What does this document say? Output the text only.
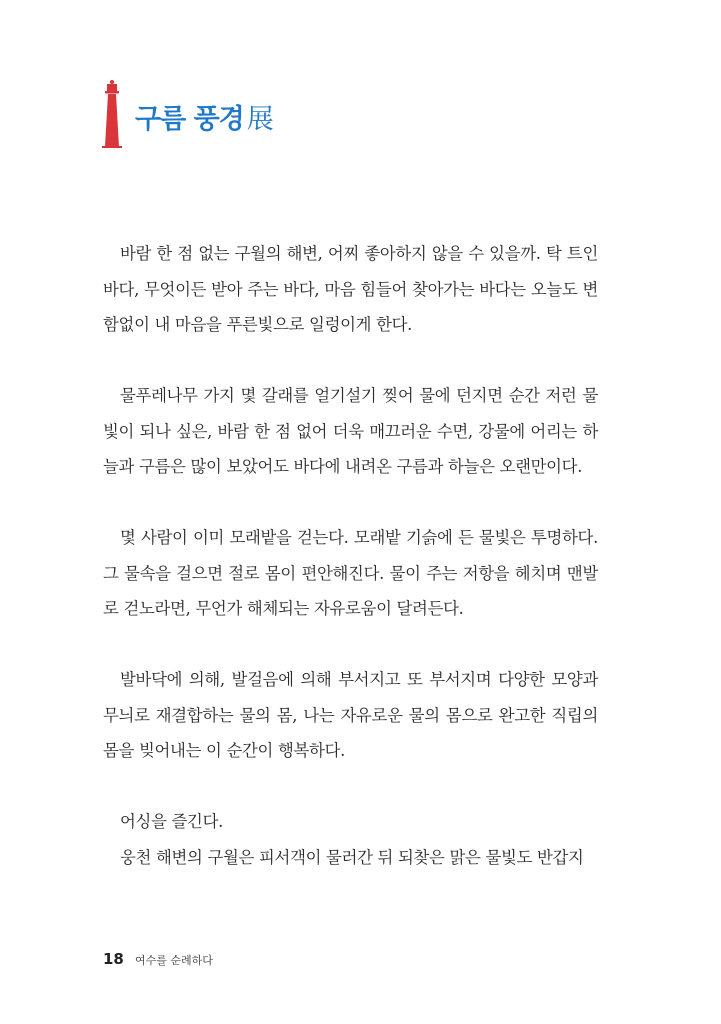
구름 풍경 展

바람 한 점 없는 구월의 해변, 어찌 좋아하지 않을 수 있을까. 탁 트인 바다, 무엇이든 받아 주는 바다, 마음 힘들어 찾아가는 바다는 오늘도 변함없이 내 마음을 푸른빛으로 일렁이게 한다.

물푸레나무 가지 몇 갈래를 얼기설기 찢어 물에 던지면 순간 저런 물빛이 되나 싶은, 바람 한 점 없어 더욱 매끄러운 수면, 강물에 어리는 하늘과 구름은 많이 보았어도 바다에 내려온 구름과 하늘은 오랜만이다.

몇 사람이 이미 모래밭을 걷는다. 모래밭 기슭에 든 물빛은 투명하다. 그 물속을 걸으면 절로 몸이 편안해진다. 물이 주는 저항을 헤치며 맨발로 걷노라면, 무언가 해체되는 자유로움이 달려든다.

발바닥에 의해, 발걸음에 의해 부서지고 또 부서지며 다양한 모양과 무늬로 재결합하는 물의 몸, 나는 자유로운 물의 몸으로 완고한 직립의 몸을 빚어내는 이 순간이 행복하다.

어싱을 즐긴다.

웅천 해변의 구월은 피서객이 물러간 뒤 되찾은 맑은 물빛도 반갑지

18 여수를 순례하다
